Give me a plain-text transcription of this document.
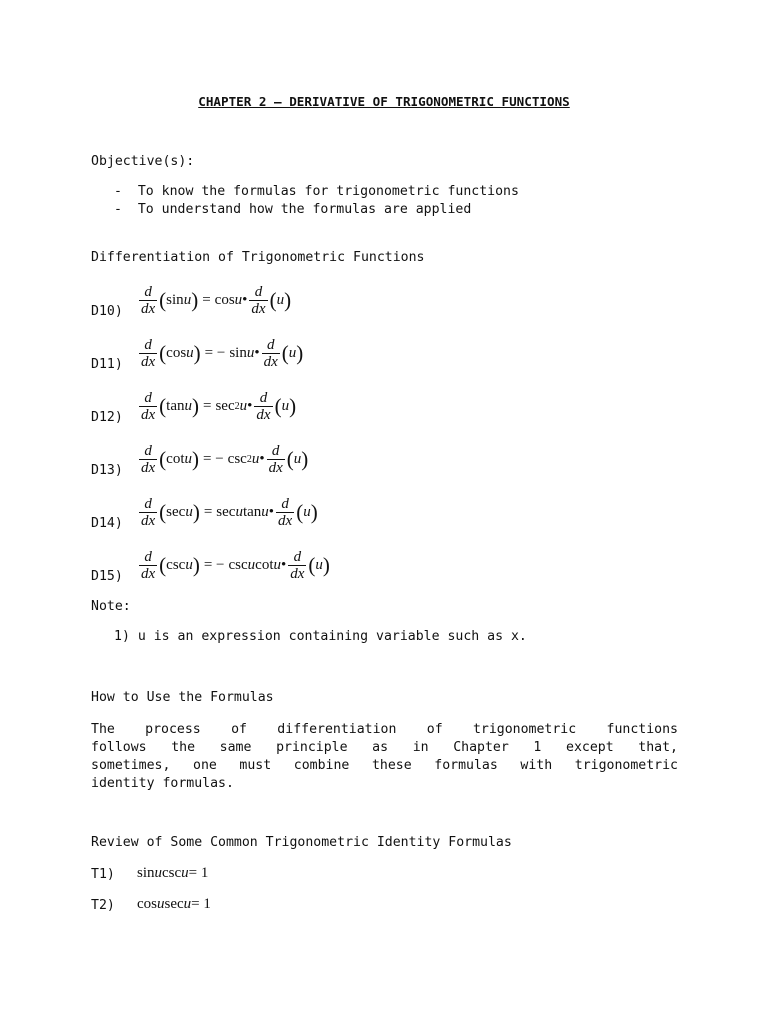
CHAPTER 2 – DERIVATIVE OF TRIGONOMETRIC FUNCTIONS
Objective(s):
-  To know the formulas for trigonometric functions
-  To understand how the formulas are applied
Differentiation of Trigonometric Functions
$D10) \frac{d}{dx}$ ( sin u ) = cos u • $\frac{d}{dx}$ ( u )
$D11) \frac{d}{dx}$ ( cos u ) = − sin u • $\frac{d}{dx}$ ( u )
$D12) \frac{d}{dx}$ ( tan u ) = sec 2 u • $\frac{d}{dx}$ ( u )
$D13) \frac{d}{dx}$ ( cot u ) = − csc 2 u • $\frac{d}{dx}$ ( u )
$D14) \frac{d}{dx}$ ( sec u ) = sec u tan u • $\frac{d}{dx}$ ( u )
$D15) \frac{d}{dx}$ ( csc u ) = − csc u cot u • $\frac{d}{dx}$ ( u )
Note:
1) u is an expression containing variable such as x.
How to Use the Formulas
The process of differentiation of trigonometric functions
follows the same principle as in Chapter 1 except that,
sometimes, one must combine these formulas with trigonometric
identity formulas.
Review of Some Common Trigonometric Identity Formulas
T1) sin u csc u = 1
T2) cos u sec u = 1
